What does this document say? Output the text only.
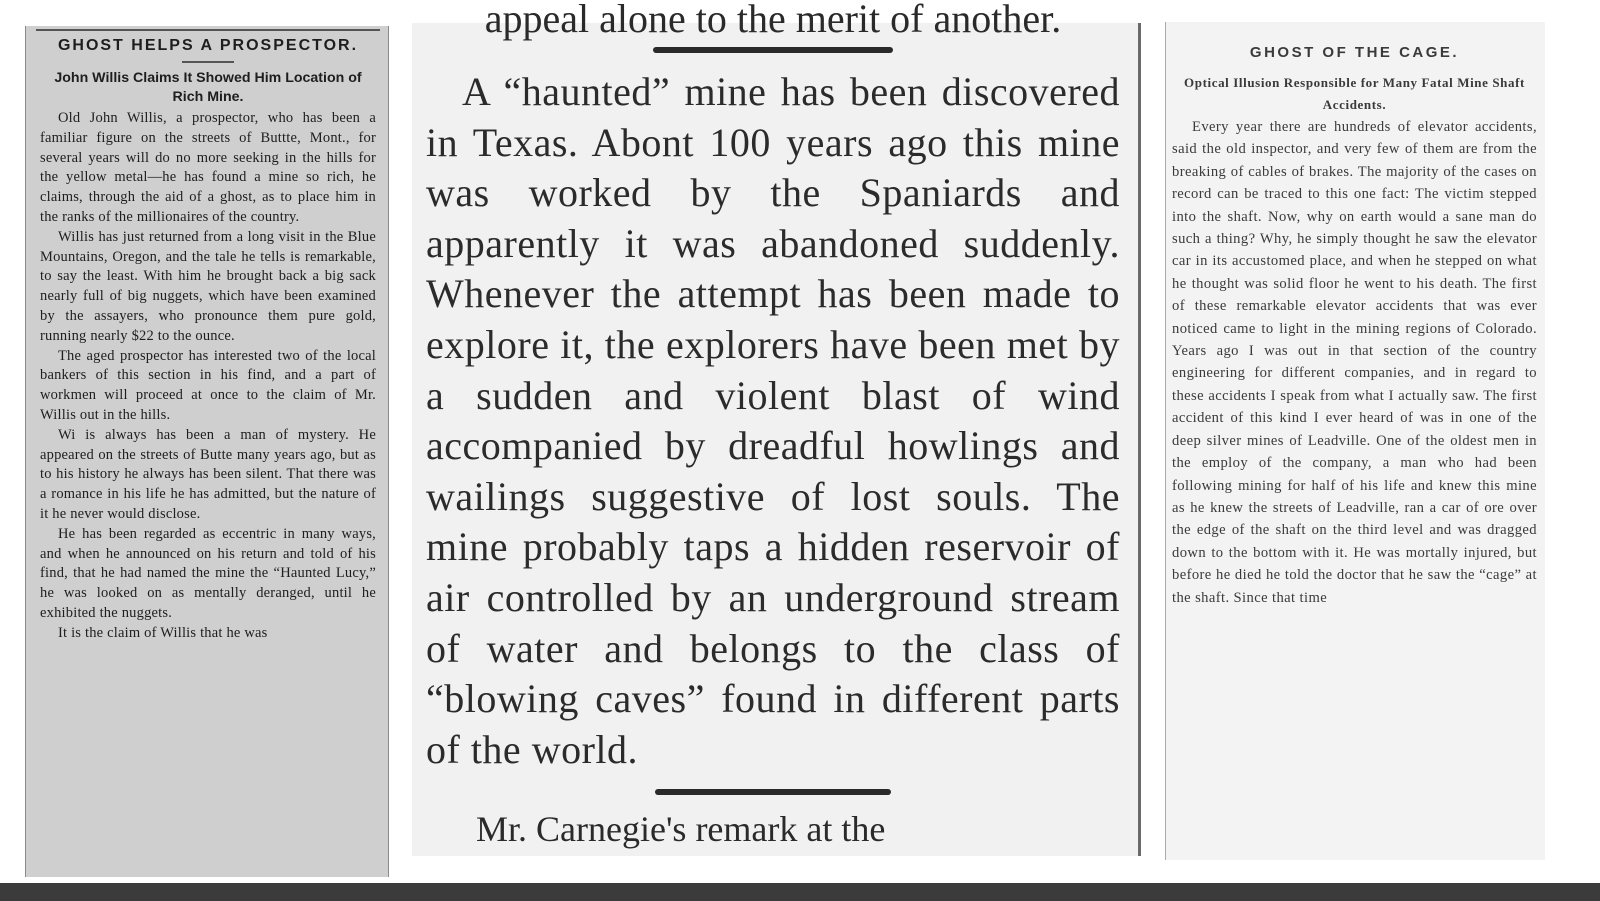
GHOST HELPS A PROSPECTOR.
John Willis Claims It Showed Him Location of Rich Mine.

Old John Willis, a prospector, who has been a familiar figure on the streets of Buttte, Mont., for several years will do no more seeking in the hills for the yellow metal—he has found a mine so rich, he claims, through the aid of a ghost, as to place him in the ranks of the millionaires of the country.

Willis has just returned from a long visit in the Blue Mountains, Oregon, and the tale he tells is remarkable, to say the least. With him he brought back a big sack nearly full of big nuggets, which have been examined by the assayers, who pronounce them pure gold, running nearly $22 to the ounce.

The aged prospector has interested two of the local bankers of this section in his find, and a part of workmen will proceed at once to the claim of Mr. Willis out in the hills.

Wi is always has been a man of mystery. He appeared on the streets of Butte many years ago, but as to his history he always has been silent. That there was a romance in his life he has admitted, but the nature of it he never would disclose.

He has been regarded as eccentric in many ways, and when he announced on his return and told of his find, that he had named the mine the “Haunted Lucy,” he was looked on as mentally deranged, until he exhibited the nuggets.

It is the claim of Willis that he was

appeal alone to the merit of another.

A “haunted” mine has been discovered in Texas. Abont 100 years ago this mine was worked by the Spaniards and apparently it was abandoned suddenly. Whenever the attempt has been made to explore it, the explorers have been met by a sudden and violent blast of wind accompanied by dreadful howlings and wailings suggestive of lost souls. The mine probably taps a hidden reservoir of air controlled by an underground stream of water and belongs to the class of “blowing caves” found in different parts of the world.

Mr. Carnegie's remark at the
GHOST OF THE CAGE.
Optical Illusion Responsible for Many Fatal Mine Shaft Accidents.

Every year there are hundreds of elevator accidents, said the old inspector, and very few of them are from the breaking of cables of brakes. The majority of the cases on record can be traced to this one fact: The victim stepped into the shaft. Now, why on earth would a sane man do such a thing? Why, he simply thought he saw the elevator car in its accustomed place, and when he stepped on what he thought was solid floor he went to his death. The first of these remarkable elevator accidents that was ever noticed came to light in the mining regions of Colorado. Years ago I was out in that section of the country engineering for different companies, and in regard to these accidents I speak from what I actually saw. The first accident of this kind I ever heard of was in one of the deep silver mines of Leadville. One of the oldest men in the employ of the company, a man who had been following mining for half of his life and knew this mine as he knew the streets of Leadville, ran a car of ore over the edge of the shaft on the third level and was dragged down to the bottom with it. He was mortally injured, but before he died he told the doctor that he saw the “cage” at the shaft. Since that time
